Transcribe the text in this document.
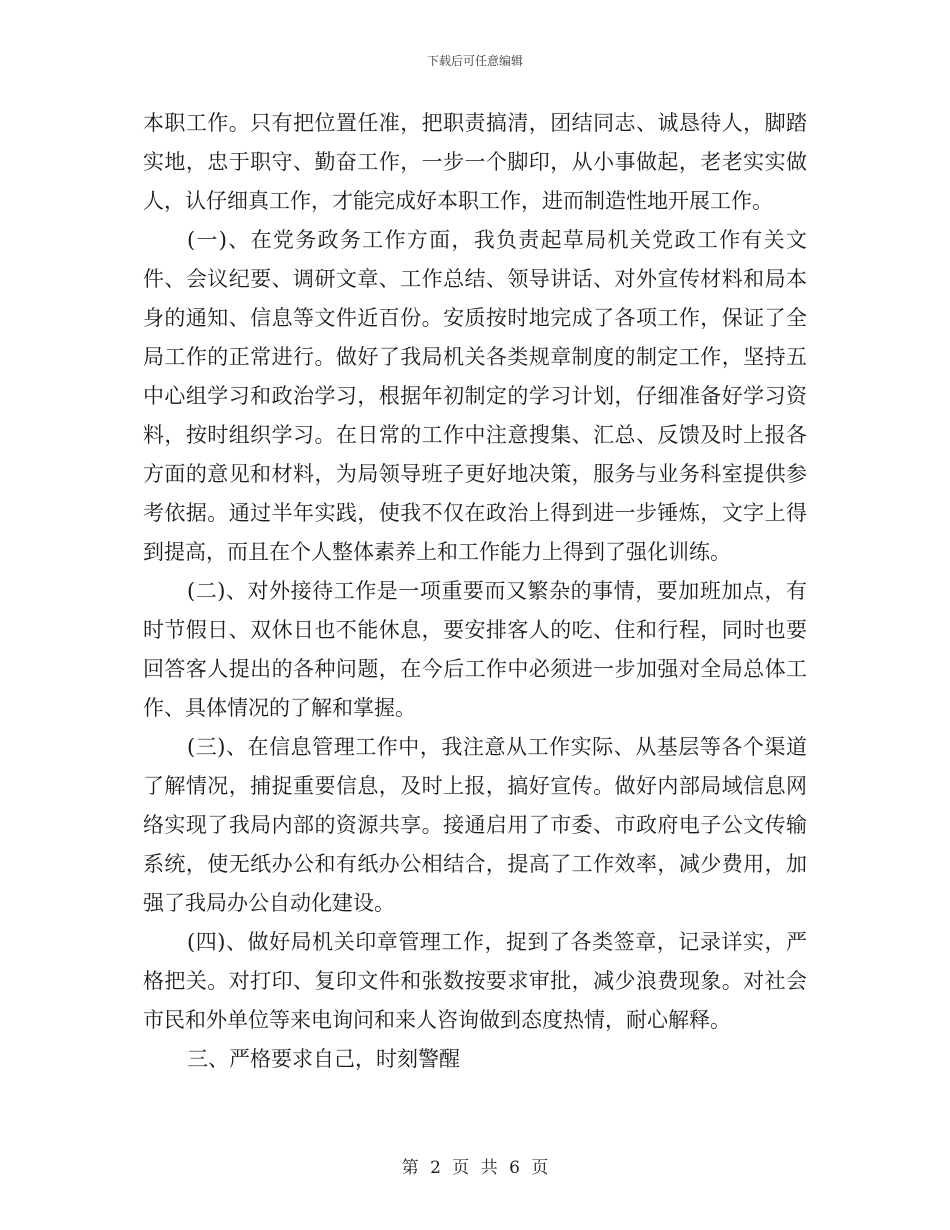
下载后可任意编辑

本职工作。只有把位置任准，把职责搞清，团结同志、诚恳待人，脚踏实地，忠于职守、勤奋工作，一步一个脚印，从小事做起，老老实实做人，认仔细真工作，才能完成好本职工作，进而制造性地开展工作。

(一)、在党务政务工作方面，我负责起草局机关党政工作有关文件、会议纪要、调研文章、工作总结、领导讲话、对外宣传材料和局本身的通知、信息等文件近百份。安质按时地完成了各项工作，保证了全局工作的正常进行。做好了我局机关各类规章制度的制定工作，坚持五中心组学习和政治学习，根据年初制定的学习计划，仔细准备好学习资料，按时组织学习。在日常的工作中注意搜集、汇总、反馈及时上报各方面的意见和材料，为局领导班子更好地决策，服务与业务科室提供参考依据。通过半年实践，使我不仅在政治上得到进一步锤炼，文字上得到提高，而且在个人整体素养上和工作能力上得到了强化训练。

(二)、对外接待工作是一项重要而又繁杂的事情，要加班加点，有时节假日、双休日也不能休息，要安排客人的吃、住和行程，同时也要回答客人提出的各种问题，在今后工作中必须进一步加强对全局总体工作、具体情况的了解和掌握。

(三)、在信息管理工作中，我注意从工作实际、从基层等各个渠道了解情况，捕捉重要信息，及时上报，搞好宣传。做好内部局域信息网络实现了我局内部的资源共享。接通启用了市委、市政府电子公文传输系统，使无纸办公和有纸办公相结合，提高了工作效率，减少费用，加强了我局办公自动化建设。

(四)、做好局机关印章管理工作，捉到了各类签章，记录详实，严格把关。对打印、复印文件和张数按要求审批，减少浪费现象。对社会市民和外单位等来电询问和来人咨询做到态度热情，耐心解释。

三、严格要求自己，时刻警醒

第 2 页 共 6 页
